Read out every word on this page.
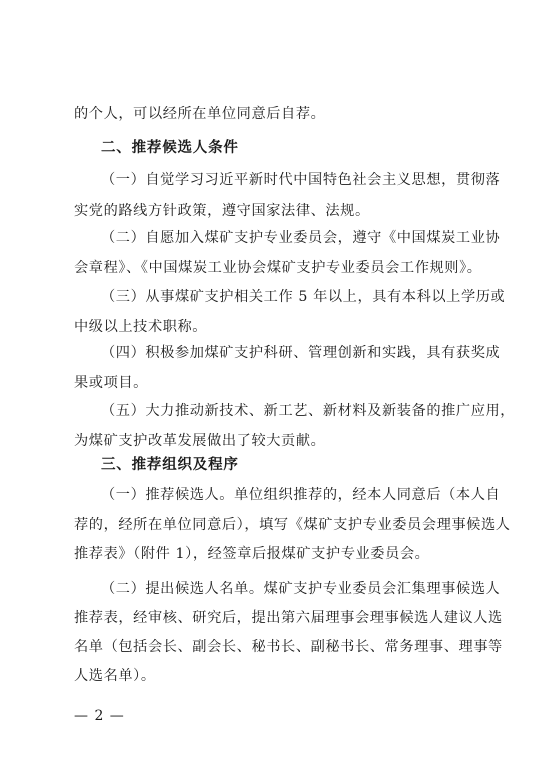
的个人，可以经所在单位同意后自荐。
二、推荐候选人条件
（一）自觉学习习近平新时代中国特色社会主义思想，贯彻落
实党的路线方针政策，遵守国家法律、法规。
（二）自愿加入煤矿支护专业委员会，遵守《中国煤炭工业协
会章程》、《中国煤炭工业协会煤矿支护专业委员会工作规则》。
（三）从事煤矿支护相关工作 5 年以上，具有本科以上学历或
中级以上技术职称。
（四）积极参加煤矿支护科研、管理创新和实践，具有获奖成
果或项目。
（五）大力推动新技术、新工艺、新材料及新装备的推广应用，
为煤矿支护改革发展做出了较大贡献。
三、推荐组织及程序
（一）推荐候选人。单位组织推荐的，经本人同意后（本人自
荐的，经所在单位同意后），填写《煤矿支护专业委员会理事候选人
推荐表》（附件 1），经签章后报煤矿支护专业委员会。
（二）提出候选人名单。煤矿支护专业委员会汇集理事候选人
推荐表，经审核、研究后，提出第六届理事会理事候选人建议人选
— 2 —
名单（包括会长、副会长、秘书长、副秘书长、常务理事、理事等
人选名单）。
